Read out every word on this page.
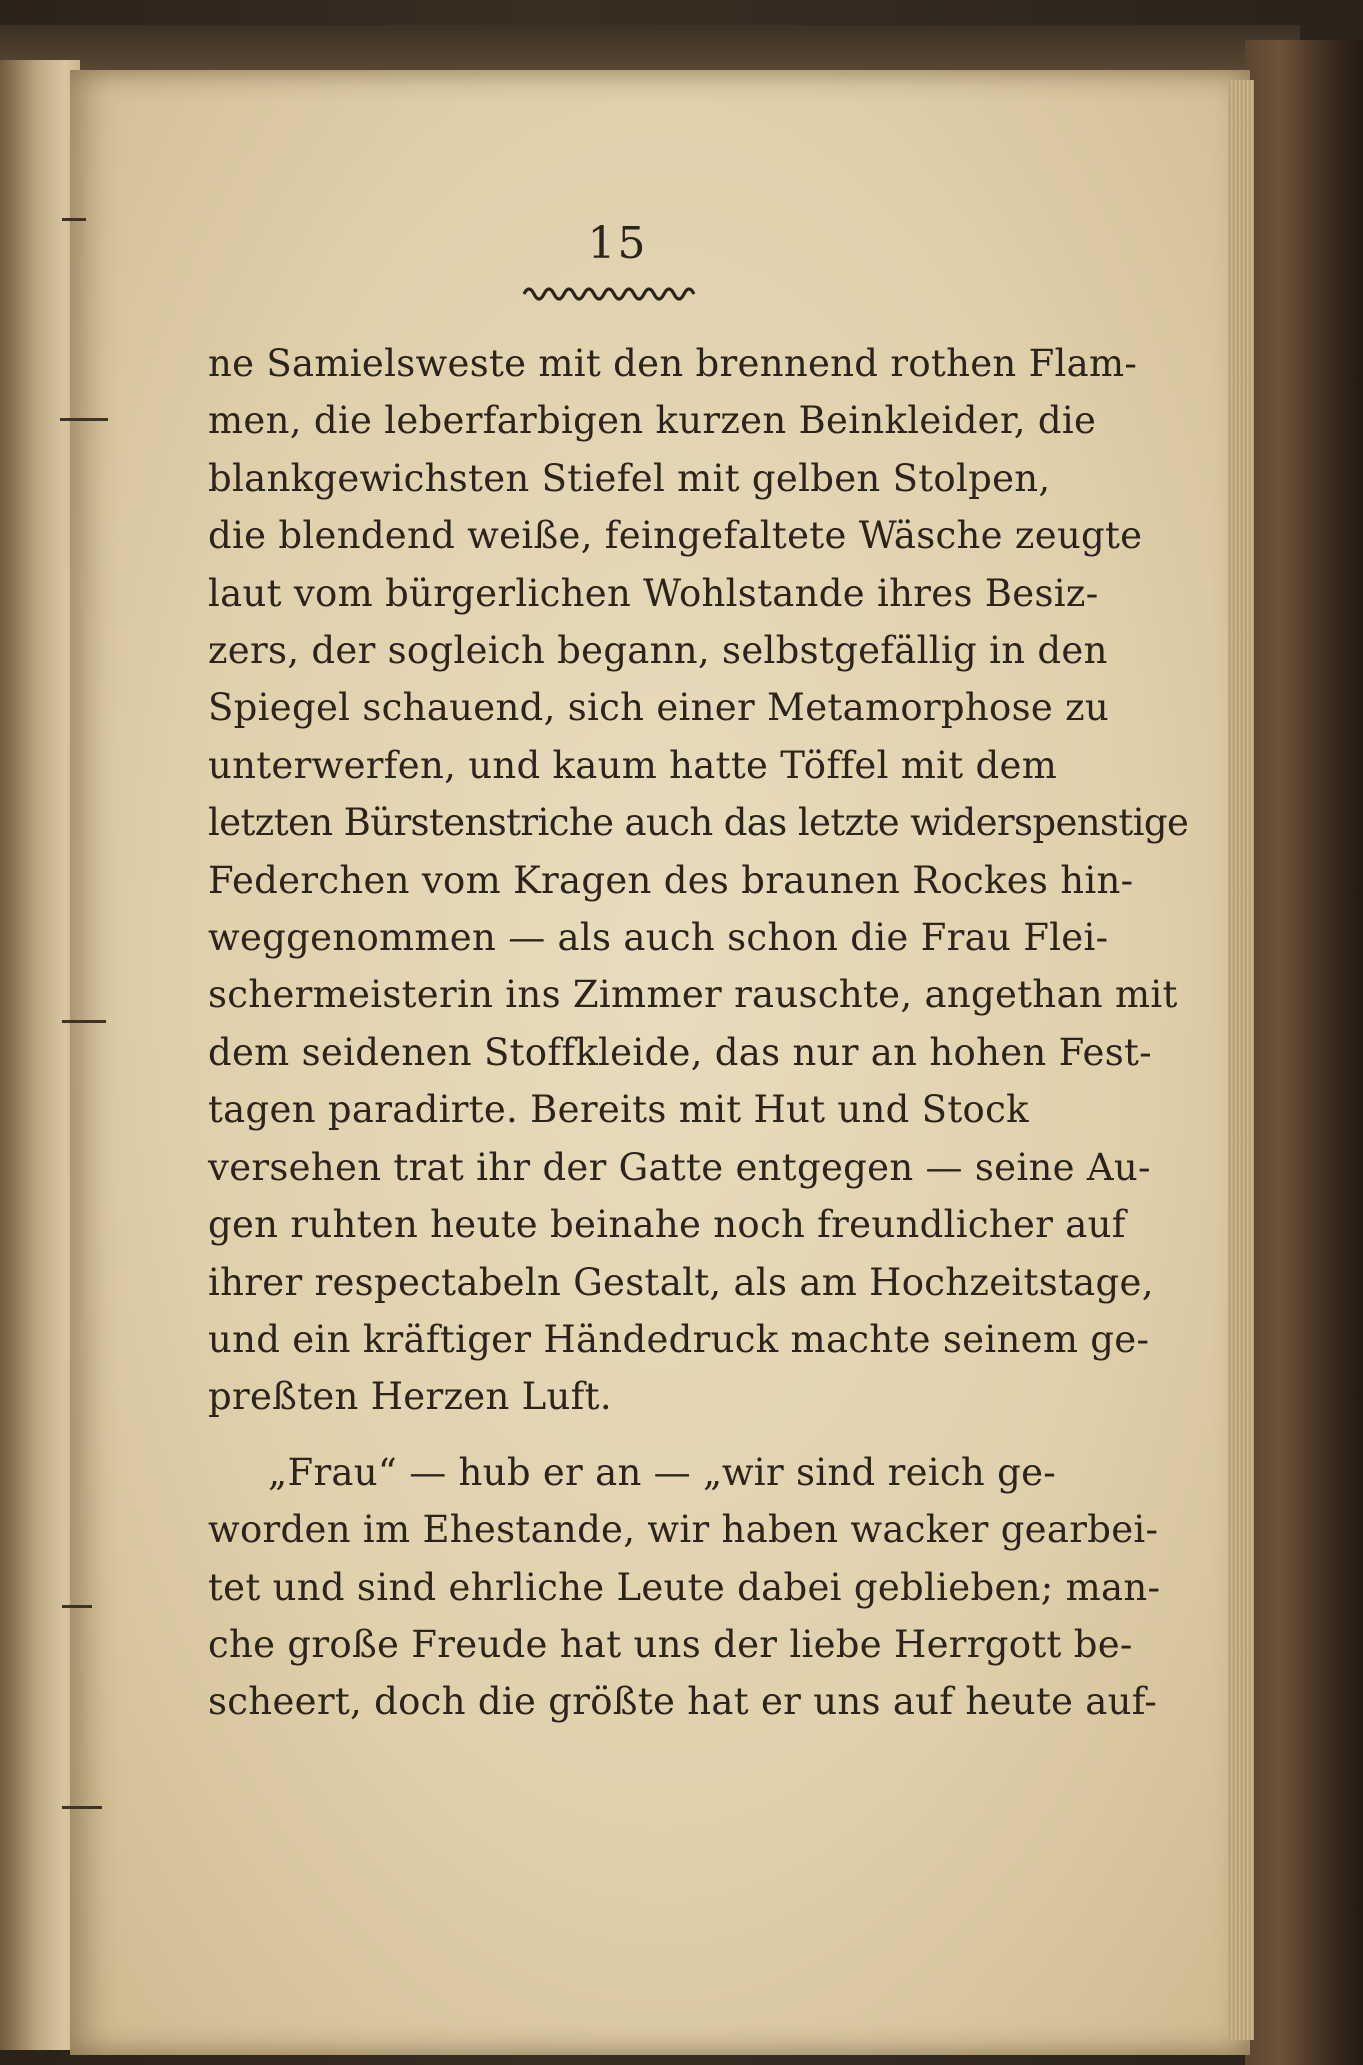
15
ne Samielsweste mit den brennend rothen Flam-
men, die leberfarbigen kurzen Beinkleider, die
blankgewichsten Stiefel mit gelben Stolpen,
die blendend weiße, feingefaltete Wäsche zeugte
laut vom bürgerlichen Wohlstande ihres Besiz-
zers, der sogleich begann, selbstgefällig in den
Spiegel schauend, sich einer Metamorphose zu
unterwerfen, und kaum hatte Töffel mit dem
letzten Bürstenstriche auch das letzte widerspenstige
Federchen vom Kragen des braunen Rockes hin-
weggenommen — als auch schon die Frau Flei-
schermeisterin ins Zimmer rauschte, angethan mit
dem seidenen Stoffkleide, das nur an hohen Fest-
tagen paradirte. Bereits mit Hut und Stock
versehen trat ihr der Gatte entgegen — seine Au-
gen ruhten heute beinahe noch freundlicher auf
ihrer respectabeln Gestalt, als am Hochzeitstage,
und ein kräftiger Händedruck machte seinem ge-
preßten Herzen Luft.
„Frau“ — hub er an — „wir sind reich ge-
worden im Ehestande, wir haben wacker gearbei-
tet und sind ehrliche Leute dabei geblieben; man-
che große Freude hat uns der liebe Herrgott be-
scheert, doch die größte hat er uns auf heute auf-
